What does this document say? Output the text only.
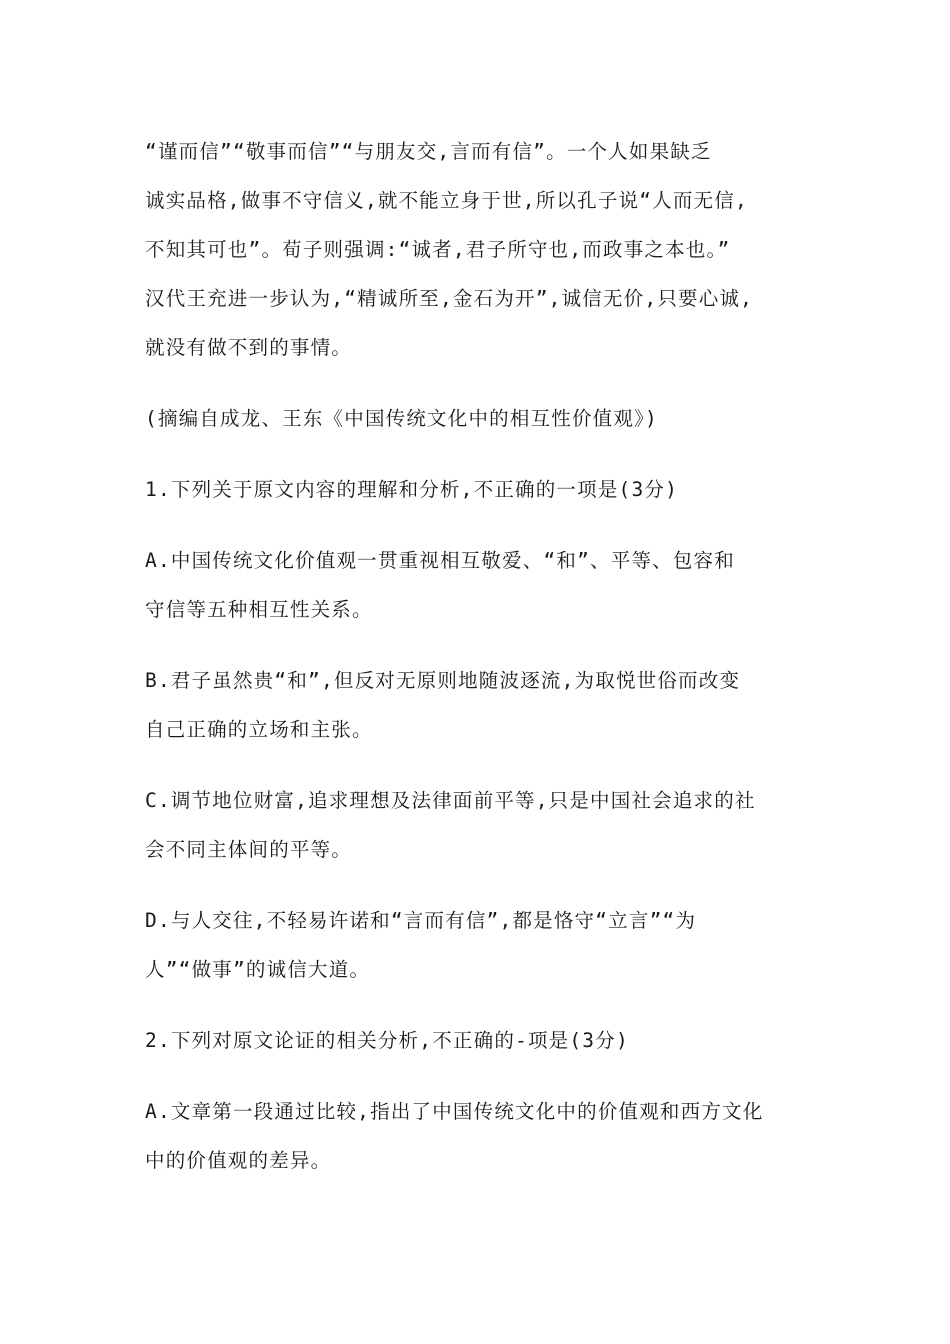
“谨而信”“敬事而信”“与朋友交,言而有信”。一个人如果缺乏
诚实品格,做事不守信义,就不能立身于世,所以孔子说“人而无信,
不知其可也”。荀子则强调:“诚者,君子所守也,而政事之本也。”
汉代王充进一步认为,“精诚所至,金石为开”,诚信无价,只要心诚,
就没有做不到的事情。
(摘编自成龙、王东《中国传统文化中的相互性价值观》)
1.下列关于原文内容的理解和分析,不正确的一项是(3分)
A.中国传统文化价值观一贯重视相互敬爱、“和”、平等、包容和
守信等五种相互性关系。
B.君子虽然贵“和”,但反对无原则地随波逐流,为取悦世俗而改变
自己正确的立场和主张。
C.调节地位财富,追求理想及法律面前平等,只是中国社会追求的社
会不同主体间的平等。
D.与人交往,不轻易许诺和“言而有信”,都是恪守“立言”“为
人”“做事”的诚信大道。
2.下列对原文论证的相关分析,不正确的-项是(3分)
A.文章第一段通过比较,指出了中国传统文化中的价值观和西方文化
中的价值观的差异。
